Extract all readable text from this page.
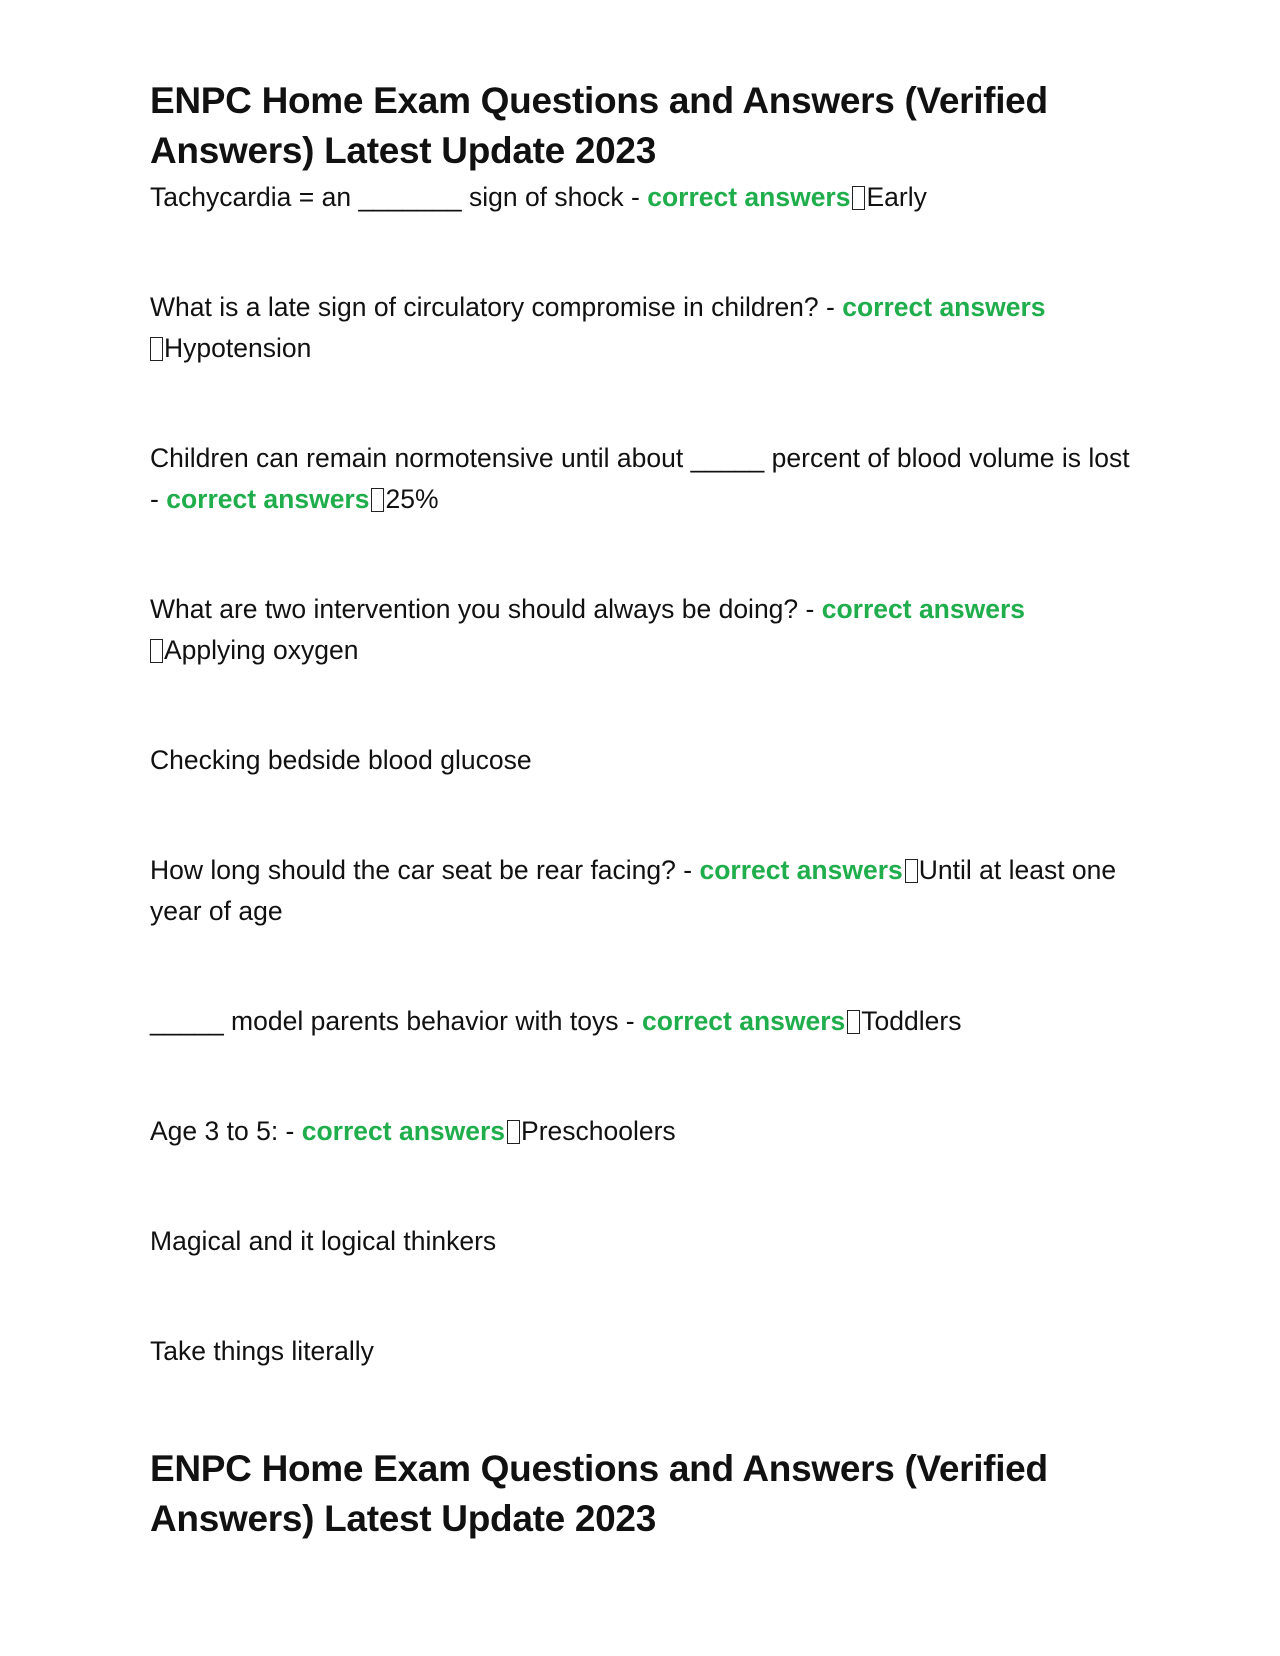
ENPC Home Exam Questions and Answers (Verified Answers) Latest Update 2023

Tachycardia = an _______ sign of shock - correct answers Early

What is a late sign of circulatory compromise in children? - correct answers
Hypotension

Children can remain normotensive until about _____ percent of blood volume is lost - correct answers 25%

What are two intervention you should always be doing? - correct answers
Applying oxygen

Checking bedside blood glucose

How long should the car seat be rear facing? - correct answers Until at least one year of age

_____ model parents behavior with toys - correct answers Toddlers

Age 3 to 5: - correct answers Preschoolers

Magical and it logical thinkers

Take things literally

ENPC Home Exam Questions and Answers (Verified Answers) Latest Update 2023
